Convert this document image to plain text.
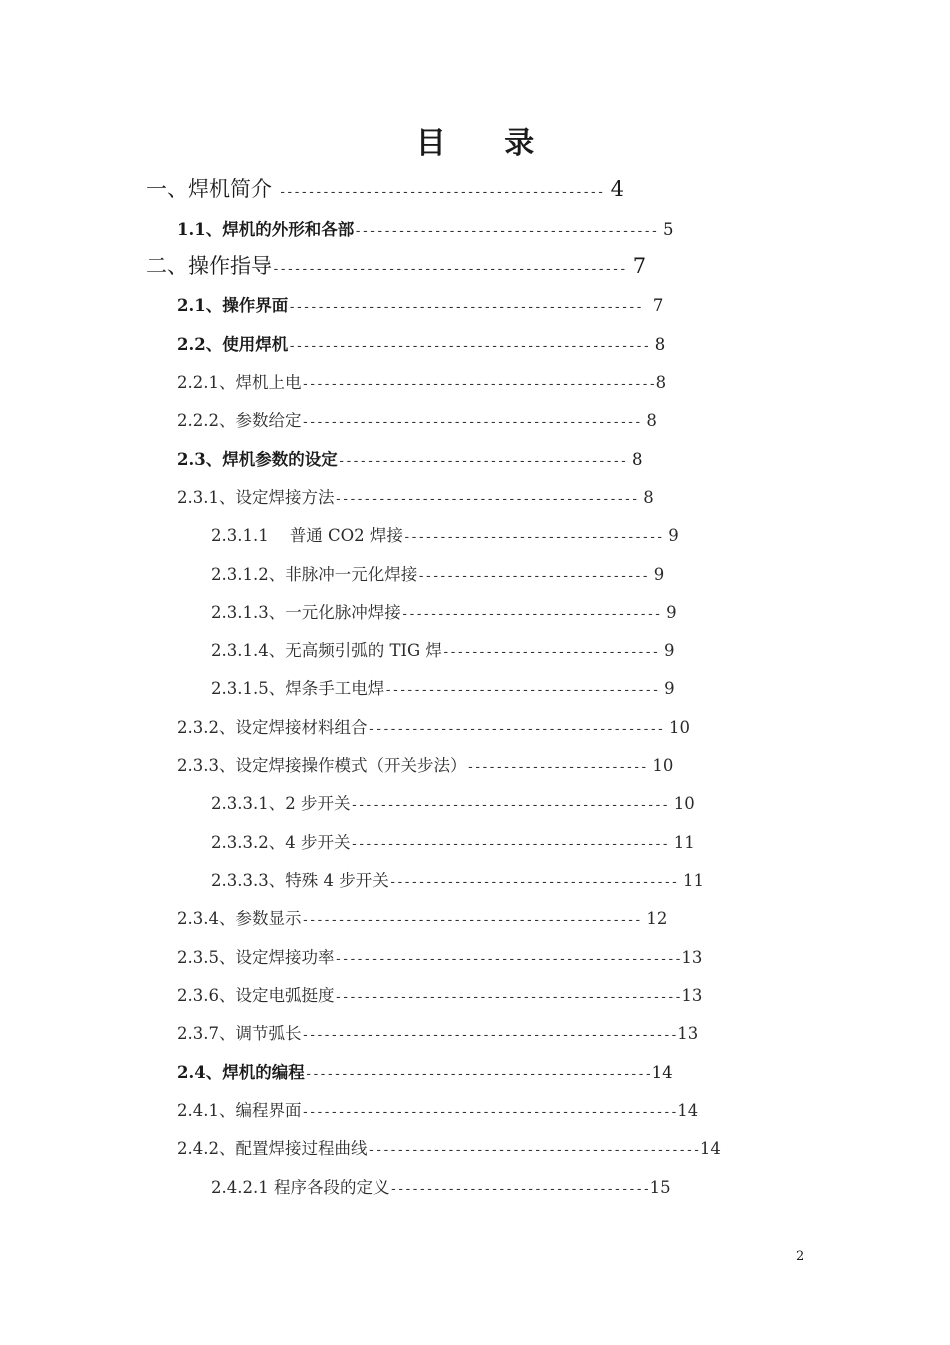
目 录
一、焊机简介 --------------------------------------------- 4
1.1、焊机的外形和各部------------------------------------------ 5
二、操作指导------------------------------------------------- 7
2.1、操作界面-------------------------------------------------  7
2.2、使用焊机-------------------------------------------------- 8
2.2.1、焊机上电-------------------------------------------------8
2.2.2、参数给定----------------------------------------------- 8
2.3、焊机参数的设定---------------------------------------- 8
2.3.1、设定焊接方法------------------------------------------ 8
2.3.1.1    普通 CO2 焊接------------------------------------ 9
2.3.1.2、非脉冲一元化焊接-------------------------------- 9
2.3.1.3、一元化脉冲焊接------------------------------------ 9
2.3.1.4、无高频引弧的 TIG 焊------------------------------ 9
2.3.1.5、焊条手工电焊-------------------------------------- 9
2.3.2、设定焊接材料组合----------------------------------------- 10
2.3.3、设定焊接操作模式（开关步法）------------------------- 10
2.3.3.1、2 步开关-------------------------------------------- 10
2.3.3.2、4 步开关-------------------------------------------- 11
2.3.3.3、特殊 4 步开关---------------------------------------- 11
2.3.4、参数显示----------------------------------------------- 12
2.3.5、设定焊接功率------------------------------------------------13
2.3.6、设定电弧挺度------------------------------------------------13
2.3.7、调节弧长----------------------------------------------------13
2.4、焊机的编程------------------------------------------------14
2.4.1、编程界面----------------------------------------------------14
2.4.2、配置焊接过程曲线----------------------------------------------14
2.4.2.1 程序各段的定义------------------------------------15
2
